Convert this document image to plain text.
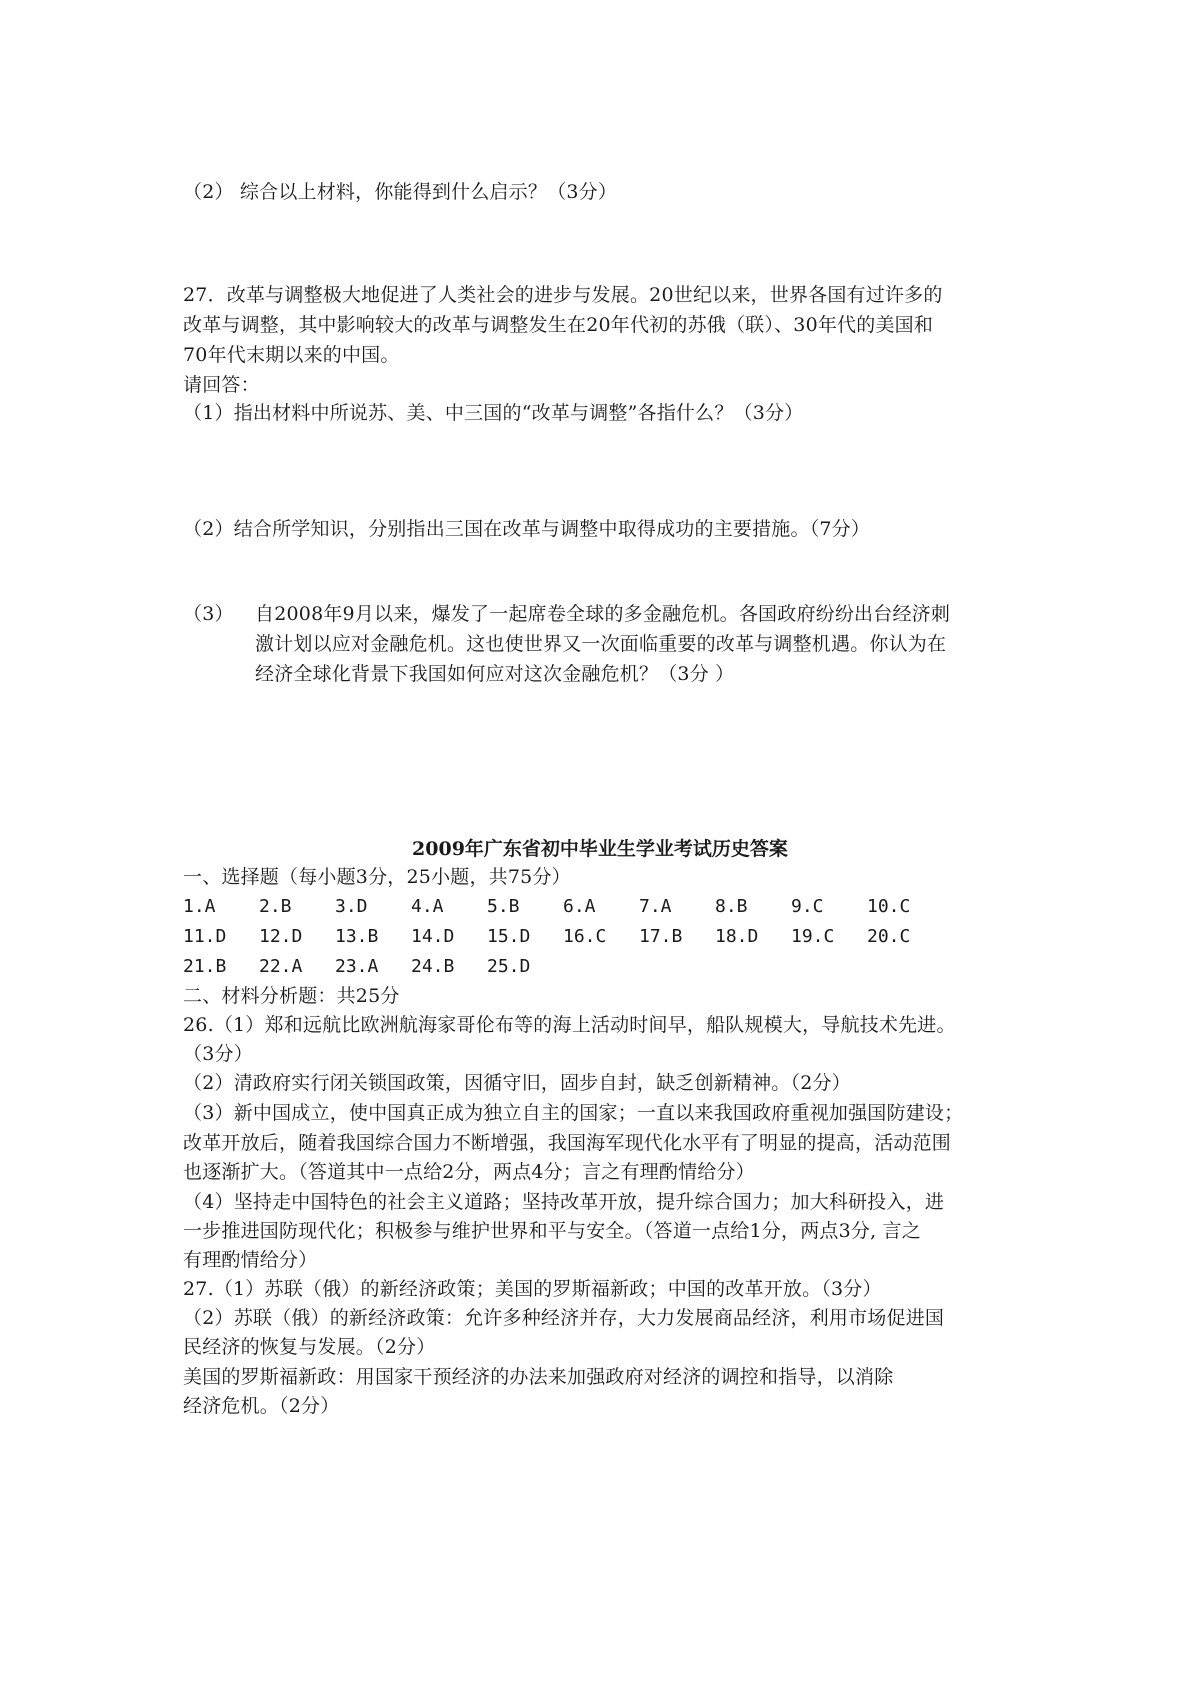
（2） 综合以上材料，你能得到什么启示？（3分）
27．改革与调整极大地促进了人类社会的进步与发展。20世纪以来，世界各国有过许多的
改革与调整，其中影响较大的改革与调整发生在20年代初的苏俄（联）、30年代的美国和
70年代末期以来的中国。
请回答：
（1）指出材料中所说苏、美、中三国的“改革与调整”各指什么？（3分）
（2）结合所学知识，分别指出三国在改革与调整中取得成功的主要措施。（7分）
（3） 自2008年9月以来，爆发了一起席卷全球的多金融危机。各国政府纷纷出台经济刺
激计划以应对金融危机。这也使世界又一次面临重要的改革与调整机遇。你认为在
经济全球化背景下我国如何应对这次金融危机？（3分 ）
2009年广东省初中毕业生学业考试历史答案
一、选择题（每小题3分，25小题，共75分）
1.A 2.B 3.D 4.A 5.B 6.A 7.A 8.B 9.C 10.C
11.D 12.D 13.B 14.D 15.D 16.C 17.B 18.D 19.C 20.C
21.B 22.A 23.A 24.B 25.D
二、材料分析题：共25分
26.（1）郑和远航比欧洲航海家哥伦布等的海上活动时间早，船队规模大，导航技术先进。
（3分）
（2）清政府实行闭关锁国政策，因循守旧，固步自封，缺乏创新精神。（2分）
（3）新中国成立，使中国真正成为独立自主的国家；一直以来我国政府重视加强国防建设；
改革开放后，随着我国综合国力不断增强，我国海军现代化水平有了明显的提高，活动范围
也逐渐扩大。（答道其中一点给2分，两点4分；言之有理酌情给分）
（4）坚持走中国特色的社会主义道路；坚持改革开放，提升综合国力；加大科研投入，进
一步推进国防现代化；积极参与维护世界和平与安全。（答道一点给1分，两点3分, 言之
有理酌情给分）
27.（1）苏联（俄）的新经济政策；美国的罗斯福新政；中国的改革开放。（3分）
（2）苏联（俄）的新经济政策：允许多种经济并存，大力发展商品经济，利用市场促进国
民经济的恢复与发展。（2分）
美国的罗斯福新政：用国家干预经济的办法来加强政府对经济的调控和指导，以消除
经济危机。（2分）
